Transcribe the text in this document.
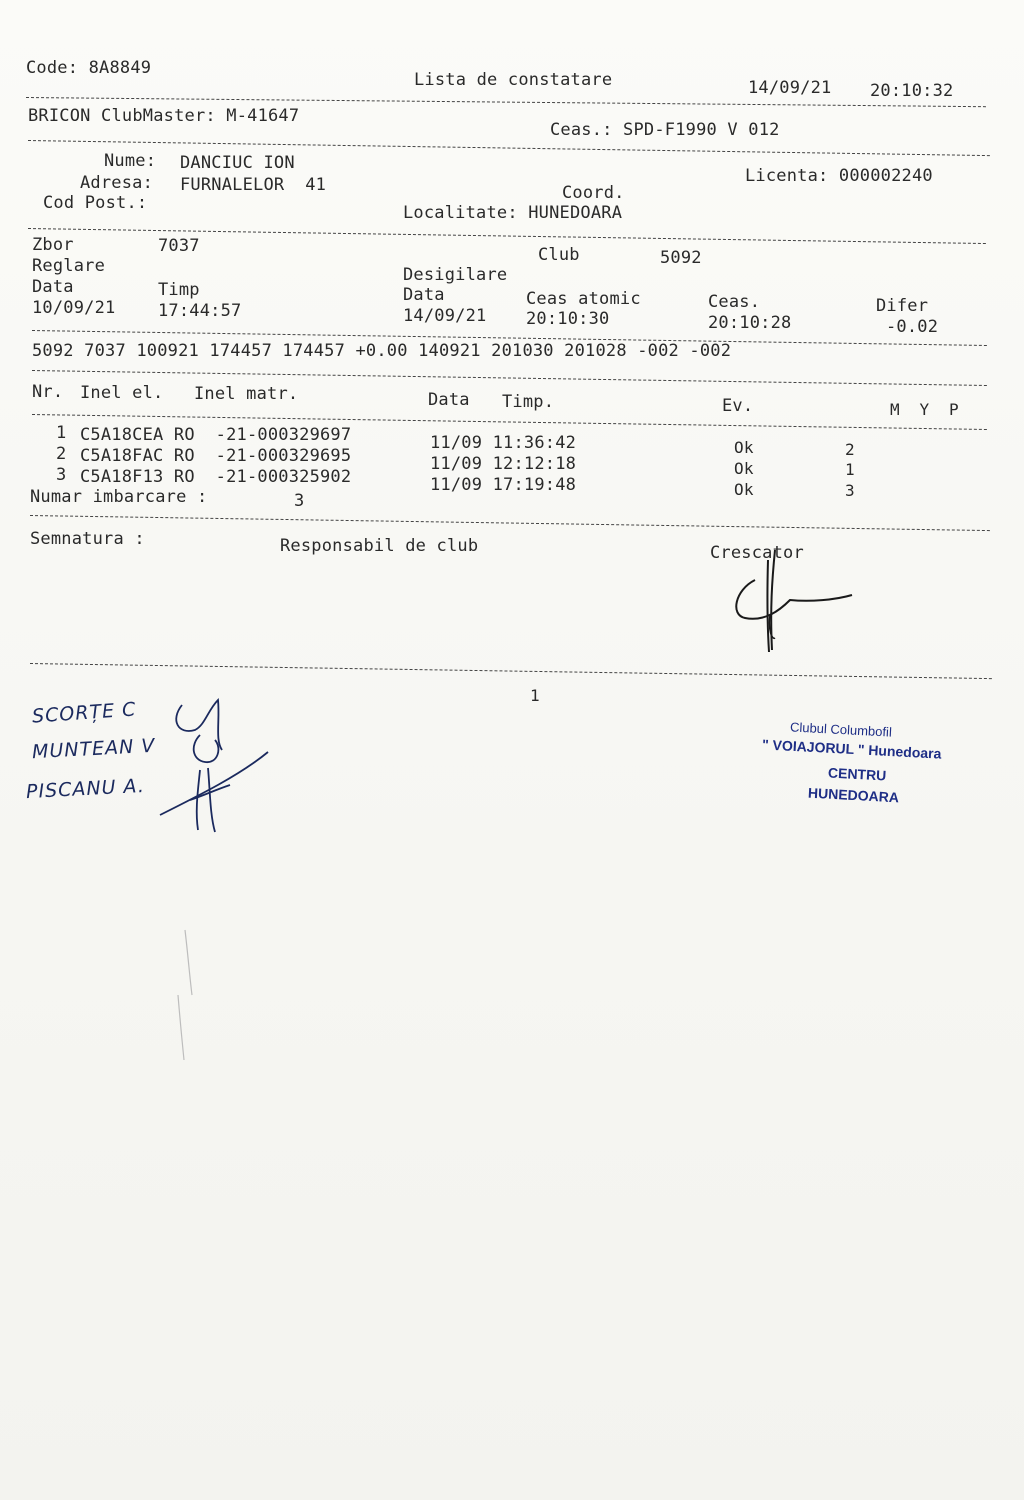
Code: 8A8849
Lista de constatare	14/09/21 20:10:32
BRICON ClubMaster: M-41647
Ceas.: SPD-F1990 V 012
Nume: DANCIUC ION
Adresa: FURNALELOR  41
Cod Post.:	Coord.
Localitate: HUNEDOARA
Licenta: 000002240
Zbor	7037	Club	5092
Reglare	Desigilare
Data	Timp	Data	Ceas atomic	Ceas.	Difer
10/09/21	17:44:57	14/09/21 20:10:30	20:10:28	-0.02
5092 7037 100921 174457 174457 +0.00 140921 201030 201028 -002 -002
Nr. Inel el. Inel matr.	Data Timp.	Ev.	M  Y  P
1 C5A18CEA RO  -21-000329697	11/09 11:36:42	Ok	2
2 C5A18FAC RO  -21-000329695	11/09 12:12:18	Ok	1
3 C5A18F13 RO  -21-000325902	11/09 17:19:48	Ok	3
Numar imbarcare :	3
Semnatura :	Responsabil de club	Crescator
1
SCORȚE C
MUNTEAN V
PISCANU A.
Clubul Columbofil
" VOIAJORUL " Hunedoara
CENTRU
HUNEDOARA
